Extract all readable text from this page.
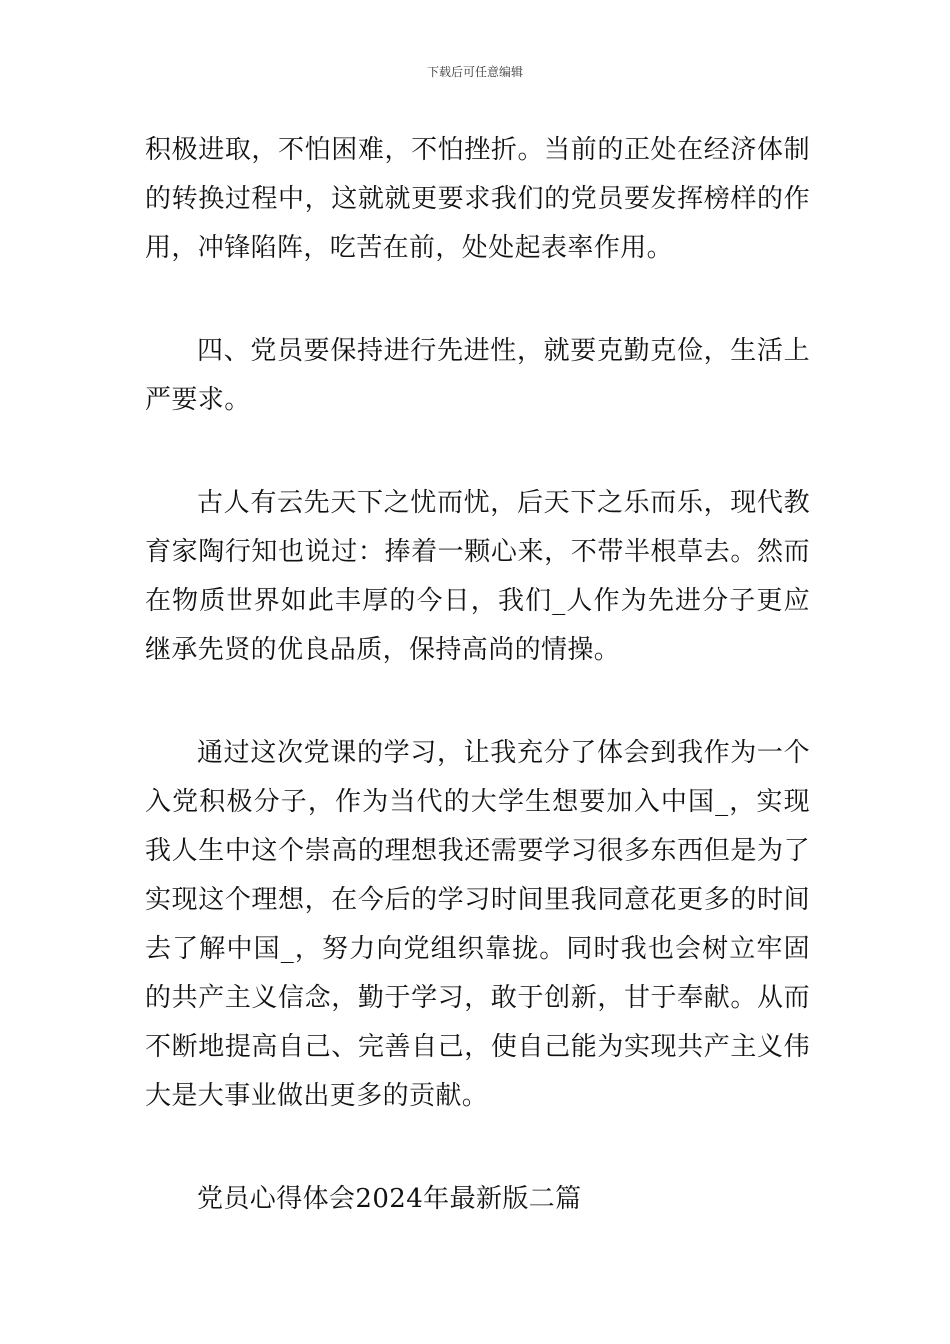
下载后可任意编辑

积极进取，不怕困难，不怕挫折。当前的正处在经济体制的转换过程中，这就就更要求我们的党员要发挥榜样的作用，冲锋陷阵，吃苦在前，处处起表率作用。

四、党员要保持进行先进性，就要克勤克俭，生活上严要求。

古人有云先天下之忧而忧，后天下之乐而乐，现代教育家陶行知也说过：捧着一颗心来，不带半根草去。然而在物质世界如此丰厚的今日，我们_人作为先进分子更应继承先贤的优良品质，保持高尚的情操。

通过这次党课的学习，让我充分了体会到我作为一个入党积极分子，作为当代的大学生想要加入中国_，实现我人生中这个崇高的理想我还需要学习很多东西但是为了实现这个理想，在今后的学习时间里我同意花更多的时间去了解中国_，努力向党组织靠拢。同时我也会树立牢固的共产主义信念，勤于学习，敢于创新，甘于奉献。从而不断地提高自己、完善自己，使自己能为实现共产主义伟大是大事业做出更多的贡献。

党员心得体会2024年最新版二篇
